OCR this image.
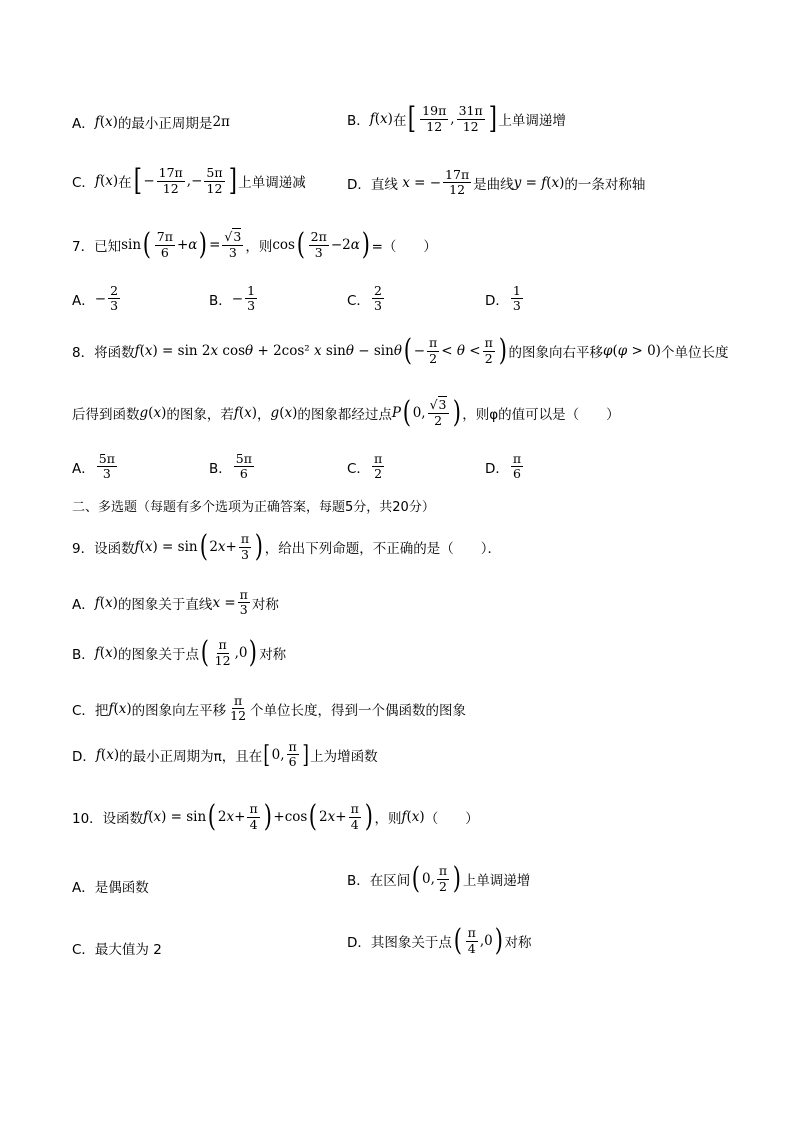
A． f ( x ) 的最小正周期是 2π	B． f ( x ) 在 [ $\frac{19\pi}{12}$ , $\frac{31\pi}{12}$ ] 上单调递增
C． f ( x ) 在 [ − $\frac{17\pi}{12}$ ,− $\frac{5\pi}{12}$ ] 上单调递减	D． 直线
x = − $\frac{17\pi}{12}$ 是曲线 y = f ( x ) 的一条对称轴
7．已知 sin ( $\frac{7\pi}{6} + \alpha$ ) = $\frac{√3}{3}$ ，则 cos ( $\frac{2\pi}{3} -2$ α ) =（　　）
A． − $\frac{2}{3}$	B． − $\frac{1}{3}$	C． $\frac{2}{3}$	D． $\frac{1}{3}$
8．将函数 f ( x ) = sin 2 x cos θ + 2cos² x sin θ − sin θ ( − $\frac{\pi}{2} < \theta < \frac{\pi}{2}$ ) 的图象向右平移 φ ( φ > 0) 个单位长度
后得到函数 g ( x ) 的图象，若 f ( x ) ， g ( x ) 的图象都经过点 P ( 0, $\frac{√3}{2}$ ) ，则φ的值可以是（　　）
A． $\frac{5\pi}{3}$	B． $\frac{5\pi}{6}$	C． $\frac{\pi}{2}$	D． $\frac{\pi}{6}$
二、多选题（每题有多个选项为正确答案，每题5分，共20分）
9．设函数 f ( x ) = sin ( 2 $x + \frac{\pi}{3}$ ) ，给出下列命题，不正确的是（　　）．
A． f ( x ) 的图象关于直线 $x = \frac{\pi}{3}$ 对称
B． f ( x ) 的图象关于点 ( $\frac{\pi}{12} ,0$ ) 对称
C．把 f ( x ) 的图象向左平移 $\frac{\pi}{12}$ 个单位长度，得到一个偶函数的图象
D． f ( x ) 的最小正周期为π，且在 [ 0, $\frac{\pi}{6}$ ] 上为增函数
10．设函数 f ( x ) = sin ( 2 $x + \frac{\pi}{4}$ ) +cos ( 2 $x + \frac{\pi}{4}$ ) ，则 f ( x ) （　　）
A．是偶函数	B．在区间 ( 0, $\frac{\pi}{2}$ ) 上单调递增
C．最大值为 2	D．其图象关于点 ( $\frac{\pi}{4} ,0$ ) 对称
